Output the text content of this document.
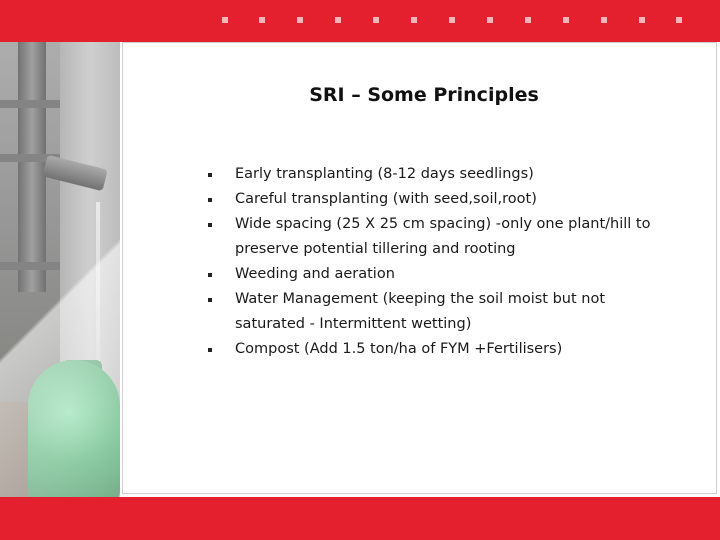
SRI – Some Principles
Early transplanting (8-12 days seedlings)
Careful transplanting (with seed,soil,root)
Wide spacing (25 X 25 cm spacing) -only one plant/hill to preserve potential tillering and rooting
Weeding and aeration
Water Management (keeping the soil moist but not saturated - Intermittent wetting)
Compost (Add 1.5 ton/ha of FYM +Fertilisers)
